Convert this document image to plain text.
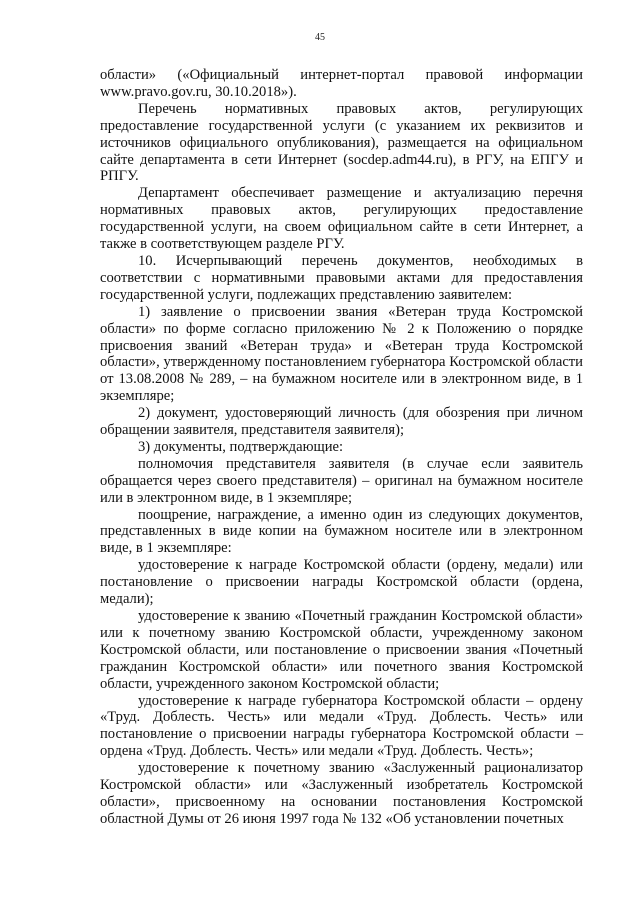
45

области» («Официальный интернет-портал правовой информации www.pravo.gov.ru, 30.10.2018»).

Перечень нормативных правовых актов, регулирующих предоставление государственной услуги (с указанием их реквизитов и источников официального опубликования), размещается на официальном сайте департамента в сети Интернет (socdep.adm44.ru), в РГУ, на ЕПГУ и РПГУ.

Департамент обеспечивает размещение и актуализацию перечня нормативных правовых актов, регулирующих предоставление государственной услуги, на своем официальном сайте в сети Интернет, а также в соответствующем разделе РГУ.

10. Исчерпывающий перечень документов, необходимых в соответствии с нормативными правовыми актами для предоставления государственной услуги, подлежащих представлению заявителем:

1) заявление о присвоении звания «Ветеран труда Костромской области» по форме согласно приложению № 2 к Положению о порядке присвоения званий «Ветеран труда» и «Ветеран труда Костромской области», утвержденному постановлением губернатора Костромской области от 13.08.2008 № 289, – на бумажном носителе или в электронном виде, в 1 экземпляре;

2) документ, удостоверяющий личность (для обозрения при личном обращении заявителя, представителя заявителя);

3) документы, подтверждающие:

полномочия представителя заявителя (в случае если заявитель обращается через своего представителя) – оригинал на бумажном носителе или в электронном виде, в 1 экземпляре;

поощрение, награждение, а именно один из следующих документов, представленных в виде копии на бумажном носителе или в электронном виде, в 1 экземпляре:

удостоверение к награде Костромской области (ордену, медали) или постановление о присвоении награды Костромской области (ордена, медали);

удостоверение к званию «Почетный гражданин Костромской области» или к почетному званию Костромской области, учрежденному законом Костромской области, или постановление о присвоении звания «Почетный гражданин Костромской области» или почетного звания Костромской области, учрежденного законом Костромской области;

удостоверение к награде губернатора Костромской области – ордену «Труд. Доблесть. Честь» или медали «Труд. Доблесть. Честь» или постановление о присвоении награды губернатора Костромской области – ордена «Труд. Доблесть. Честь» или медали «Труд. Доблесть. Честь»;

удостоверение к почетному званию «Заслуженный рационализатор Костромской области» или «Заслуженный изобретатель Костромской области», присвоенному на основании постановления Костромской областной Думы от 26 июня 1997 года № 132 «Об установлении почетных
